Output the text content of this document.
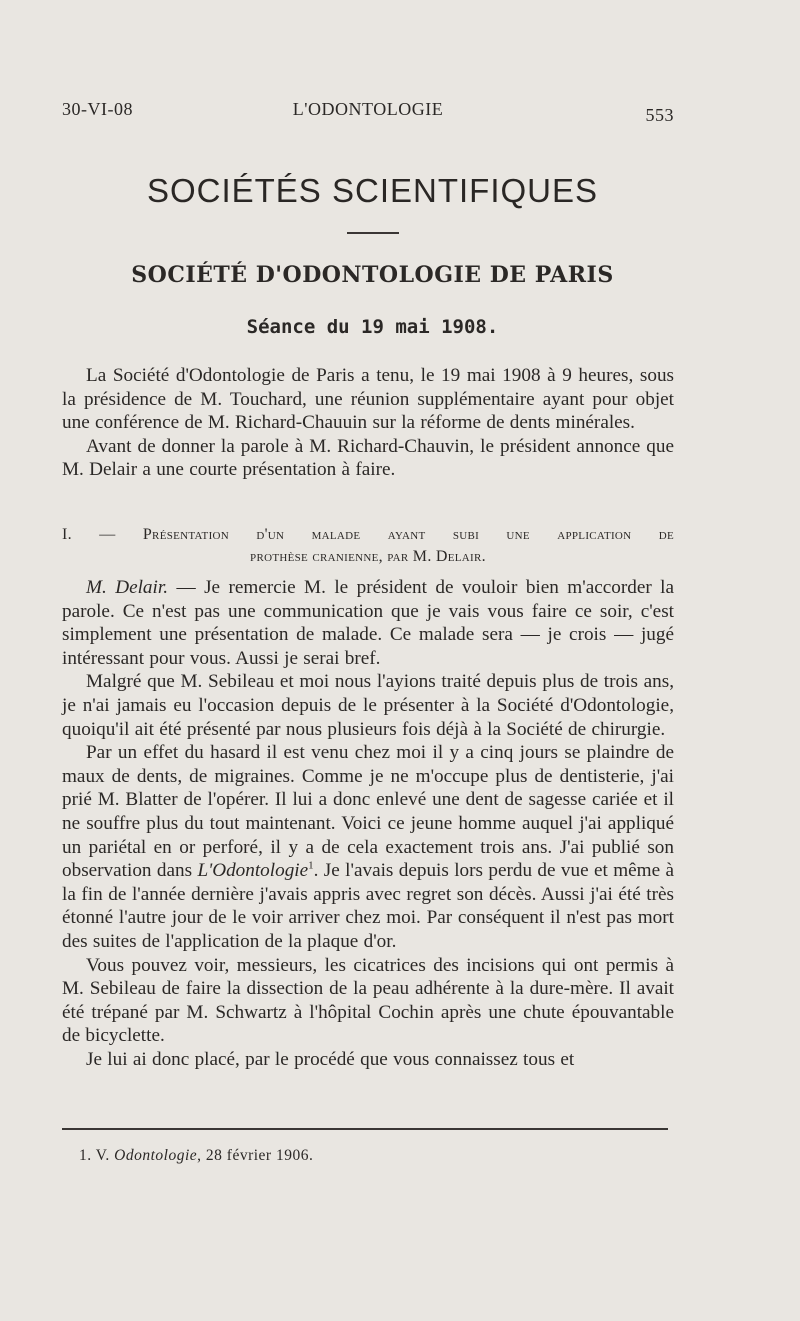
30-VI-08	L'ODONTOLOGIE	553
SOCIÉTÉS SCIENTIFIQUES
SOCIÉTÉ D'ODONTOLOGIE DE PARIS
Séance du 19 mai 1908.

La Société d'Odontologie de Paris a tenu, le 19 mai 1908 à 9 heures, sous la présidence de M. Touchard, une réunion supplémentaire ayant pour objet une conférence de M. Richard-Chauuin sur la réforme de dents minérales.

Avant de donner la parole à M. Richard-Chauvin, le président annonce que M. Delair a une courte présentation à faire.

I. — Présentation d'un malade ayant subi une application de
prothèse cranienne, par M. Delair.

M. Delair. — Je remercie M. le président de vouloir bien m'accorder la parole. Ce n'est pas une communication que je vais vous faire ce soir, c'est simplement une présentation de malade. Ce malade sera — je crois — jugé intéressant pour vous. Aussi je serai bref.

Malgré que M. Sebileau et moi nous l'ayions traité depuis plus de trois ans, je n'ai jamais eu l'occasion depuis de le présenter à la Société d'Odontologie, quoiqu'il ait été présenté par nous plusieurs fois déjà à la Société de chirurgie.

Par un effet du hasard il est venu chez moi il y a cinq jours se plaindre de maux de dents, de migraines. Comme je ne m'occupe plus de dentisterie, j'ai prié M. Blatter de l'opérer. Il lui a donc enlevé une dent de sagesse cariée et il ne souffre plus du tout maintenant. Voici ce jeune homme auquel j'ai appliqué un pariétal en or perforé, il y a de cela exactement trois ans. J'ai publié son observation dans L'Odontologie$^1$. Je l'avais depuis lors perdu de vue et même à la fin de l'année dernière j'avais appris avec regret son décès. Aussi j'ai été très étonné l'autre jour de le voir arriver chez moi. Par conséquent il n'est pas mort des suites de l'application de la plaque d'or.

Vous pouvez voir, messieurs, les cicatrices des incisions qui ont permis à M. Sebileau de faire la dissection de la peau adhérente à la dure-mère. Il avait été trépané par M. Schwartz à l'hôpital Cochin après une chute épouvantable de bicyclette.

Je lui ai donc placé, par le procédé que vous connaissez tous et

1. V. Odontologie, 28 février 1906.
